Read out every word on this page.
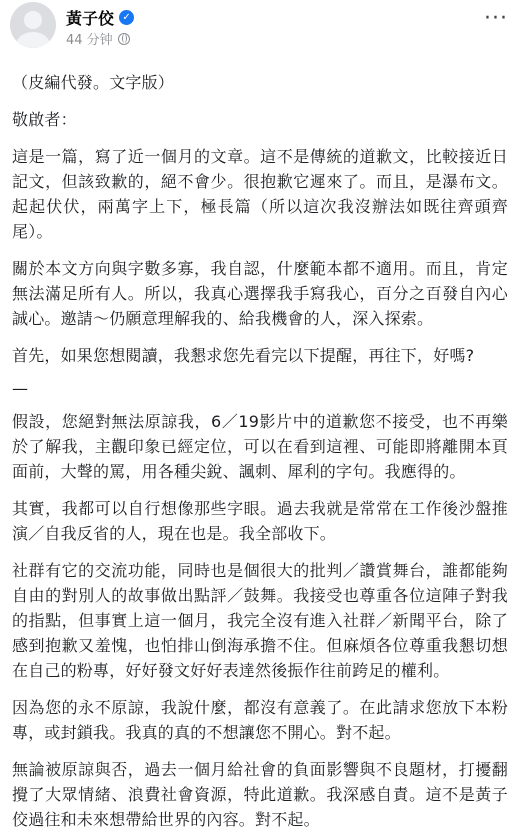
黃子佼 ✓
44 分钟
···

（皮編代發。文字版）

敬啟者：

這是一篇，寫了近一個月的文章。這不是傳統的道歉文，比較接近日記文，但該致歉的，絕不會少。很抱歉它遲來了。而且，是瀑布文。起起伏伏，兩萬字上下，極長篇（所以這次我沒辦法如既往齊頭齊尾）。

關於本文方向與字數多寡，我自認，什麼範本都不適用。而且，肯定無法滿足所有人。所以，我真心選擇我手寫我心，百分之百發自內心誠心。邀請～仍願意理解我的、給我機會的人，深入探索。

首先，如果您想閱讀，我懇求您先看完以下提醒，再往下，好嗎?

—

假設，您絕對無法原諒我，6／19影片中的道歉您不接受，也不再樂於了解我，主觀印象已經定位，可以在看到這裡、可能即將離開本頁面前，大聲的罵，用各種尖銳、諷刺、犀利的字句。我應得的。

其實，我都可以自行想像那些字眼。過去我就是常常在工作後沙盤推演／自我反省的人，現在也是。我全部收下。

社群有它的交流功能，同時也是個很大的批判／讚賞舞台，誰都能夠自由的對別人的故事做出點評／鼓舞。我接受也尊重各位這陣子對我的指點，但事實上這一個月，我完全沒有進入社群／新聞平台，除了感到抱歉又羞愧，也怕排山倒海承擔不住。但麻煩各位尊重我懇切想在自己的粉專，好好發文好好表達然後振作往前跨足的權利。

因為您的永不原諒，我說什麼，都沒有意義了。在此請求您放下本粉專，或封鎖我。我真的真的不想讓您不開心。對不起。

無論被原諒與否，過去一個月給社會的負面影響與不良題材，打擾翻攪了大眾情緒、浪費社會資源，特此道歉。我深感自責。這不是黃子佼過往和未來想帶給世界的內容。對不起。
